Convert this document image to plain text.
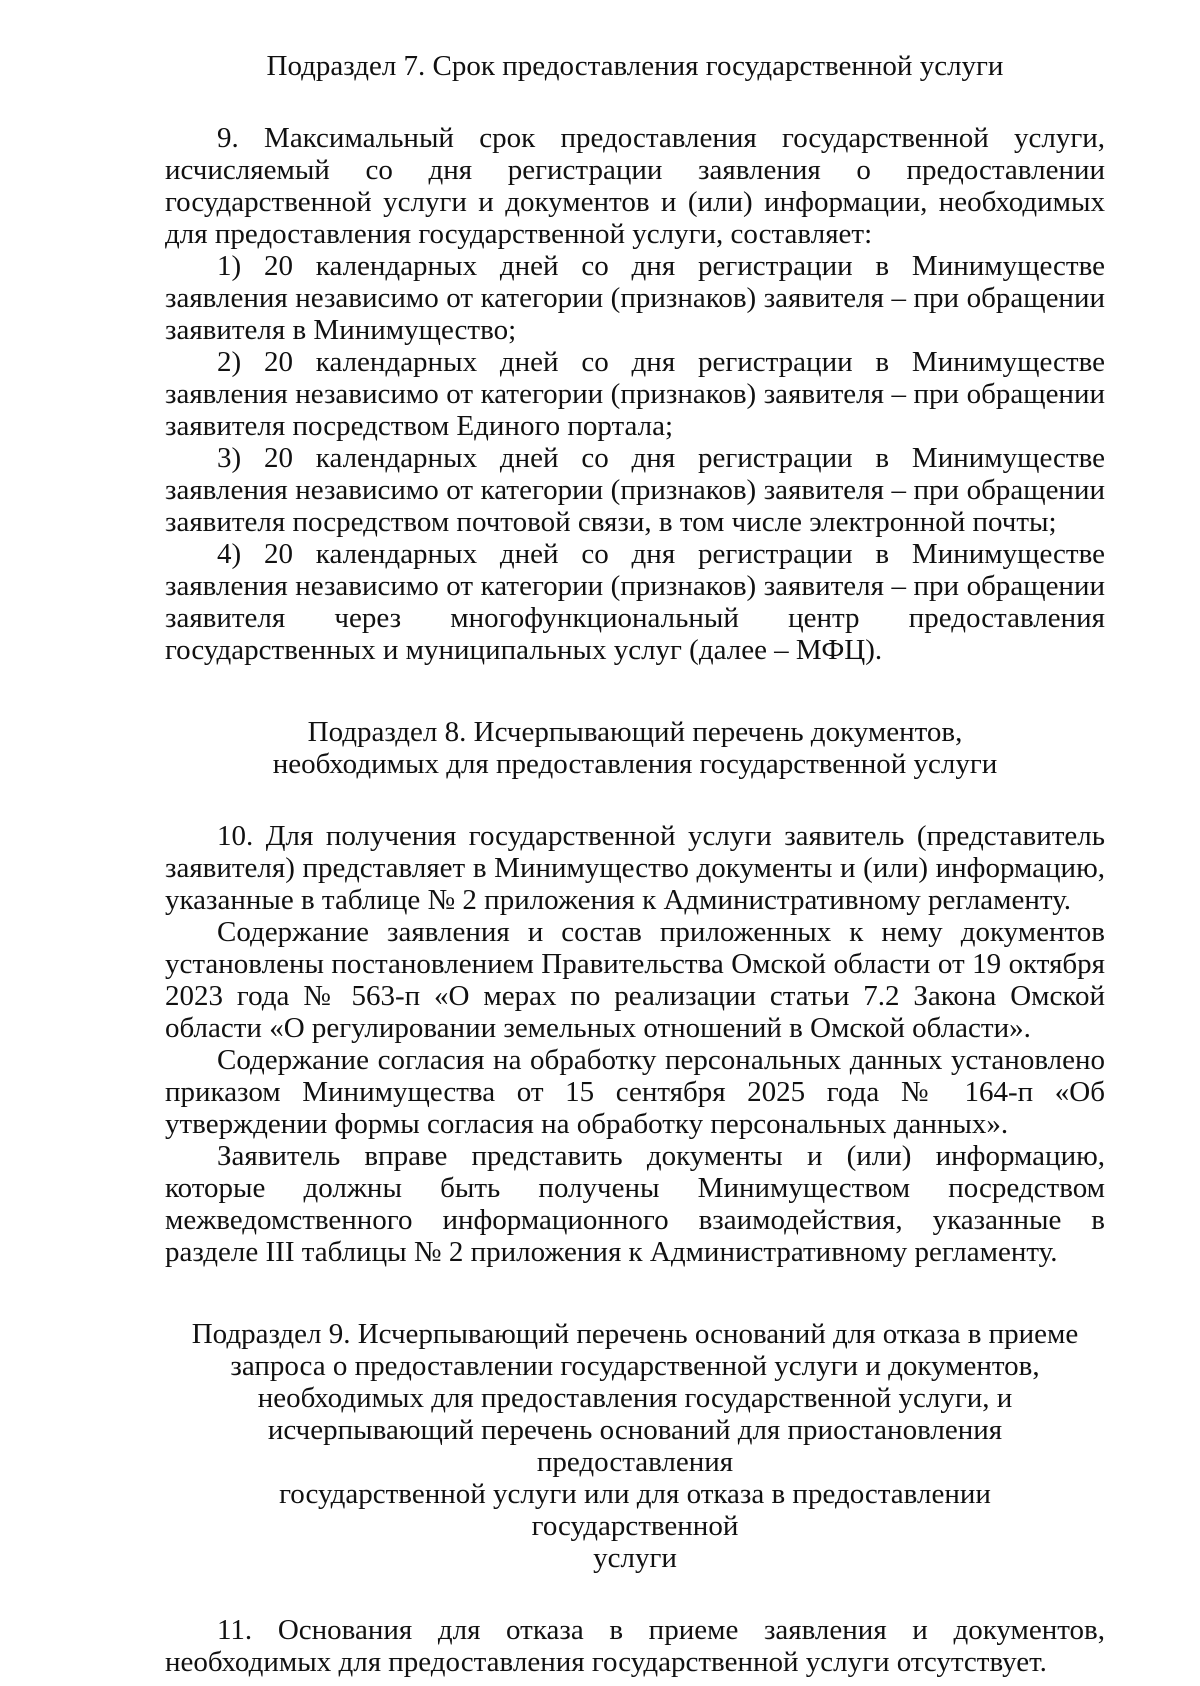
Подраздел 7. Срок предоставления государственной услуги

9. Максимальный срок предоставления государственной услуги, исчисляемый со дня регистрации заявления о предоставлении государственной услуги и документов и (или) информации, необходимых для предоставления государственной услуги, составляет:

1) 20 календарных дней со дня регистрации в Минимуществе заявления независимо от категории (признаков) заявителя – при обращении заявителя в Минимущество;

2) 20 календарных дней со дня регистрации в Минимуществе заявления независимо от категории (признаков) заявителя – при обращении заявителя посредством Единого портала;

3) 20 календарных дней со дня регистрации в Минимуществе заявления независимо от категории (признаков) заявителя – при обращении заявителя посредством почтовой связи, в том числе электронной почты;

4) 20 календарных дней со дня регистрации в Минимуществе заявления независимо от категории (признаков) заявителя – при обращении заявителя через многофункциональный центр предоставления государственных и муниципальных услуг (далее – МФЦ).

Подраздел 8. Исчерпывающий перечень документов,
необходимых для предоставления государственной услуги

10. Для получения государственной услуги заявитель (представитель заявителя) представляет в Минимущество документы и (или) информацию, указанные в таблице № 2 приложения к Административному регламенту.

Содержание заявления и состав приложенных к нему документов установлены постановлением Правительства Омской области от 19 октября 2023 года № 563-п «О мерах по реализации статьи 7.2 Закона Омской области «О регулировании земельных отношений в Омской области».

Содержание согласия на обработку персональных данных установлено приказом Минимущества от 15 сентября 2025 года № 164-п «Об утверждении формы согласия на обработку персональных данных».

Заявитель вправе представить документы и (или) информацию, которые должны быть получены Минимуществом посредством межведомственного информационного взаимодействия, указанные в разделе III таблицы № 2 приложения к Административному регламенту.

Подраздел 9. Исчерпывающий перечень оснований для отказа в приеме
запроса о предоставлении государственной услуги и документов,
необходимых для предоставления государственной услуги, и
исчерпывающий перечень оснований для приостановления предоставления
государственной услуги или для отказа в предоставлении государственной
услуги

11. Основания для отказа в приеме заявления и документов, необходимых для предоставления государственной услуги отсутствует.
